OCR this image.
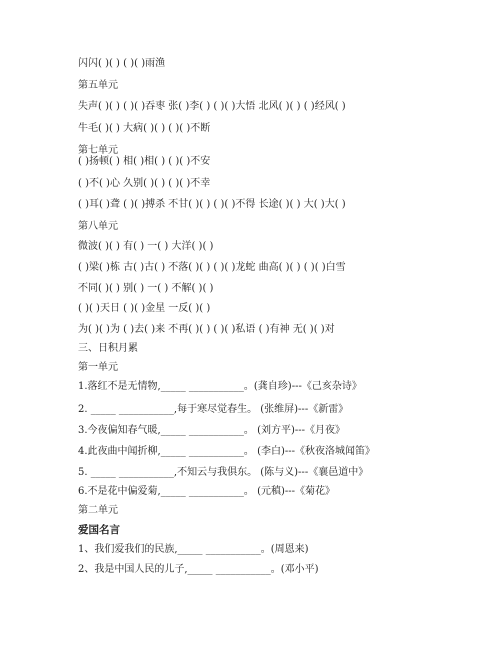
闪闪( )( ) ( )( )雨渔
第五单元
失声( )( ) ( )( )吞枣 张( )李( ) ( )( )大悟 北风( )( ) ( )经风( )
牛毛( )( ) 大病( )( ) ( )( )不断
第七单元
( )扬顿( ) 相( )相( ) ( )( )不安
( )不( )心 久别( )( ) ( )( )不幸
( )耳( )聋 ( )( )搏杀 不甘( )( ) ( )( )不得 长途( )( ) 大( )大( )
第八单元
微波( )( ) 有( ) 一( ) 大洋( )( )
( )梁( )栋 古( )古( ) 不落( )( ) ( )( )龙蛇 曲高( )( ) ( )( )白雪
不同( )( ) 别( ) 一( ) 不解( )( )
( )( )天日 ( )( )金星 一反( )( )
为( )( )为 ( )去( )来 不再( )( ) ( )( )私语 ( )有神 无( )( )对
三、日积月累
第一单元
1.落红不是无情物,_____ ___________。(龚自珍)---《己亥杂诗》
2. _____ ___________,每于寒尽觉春生。 (张维屏)---《新雷》
3.今夜偏知春气暖,_____ ___________。 (刘方平)---《月夜》
4.此夜曲中闻折柳,_____ ___________。 (李白)---《秋夜洛城闻笛》
5. _____ ___________,不知云与我俱东。 (陈与义)---《襄邑道中》
6.不是花中偏爱菊,_____ ___________。 (元稹)---《菊花》
第二单元
爱国名言
1、我们爱我们的民族,_____ ___________。(周恩来)
2、我是中国人民的儿子,_____ ___________。(邓小平)
